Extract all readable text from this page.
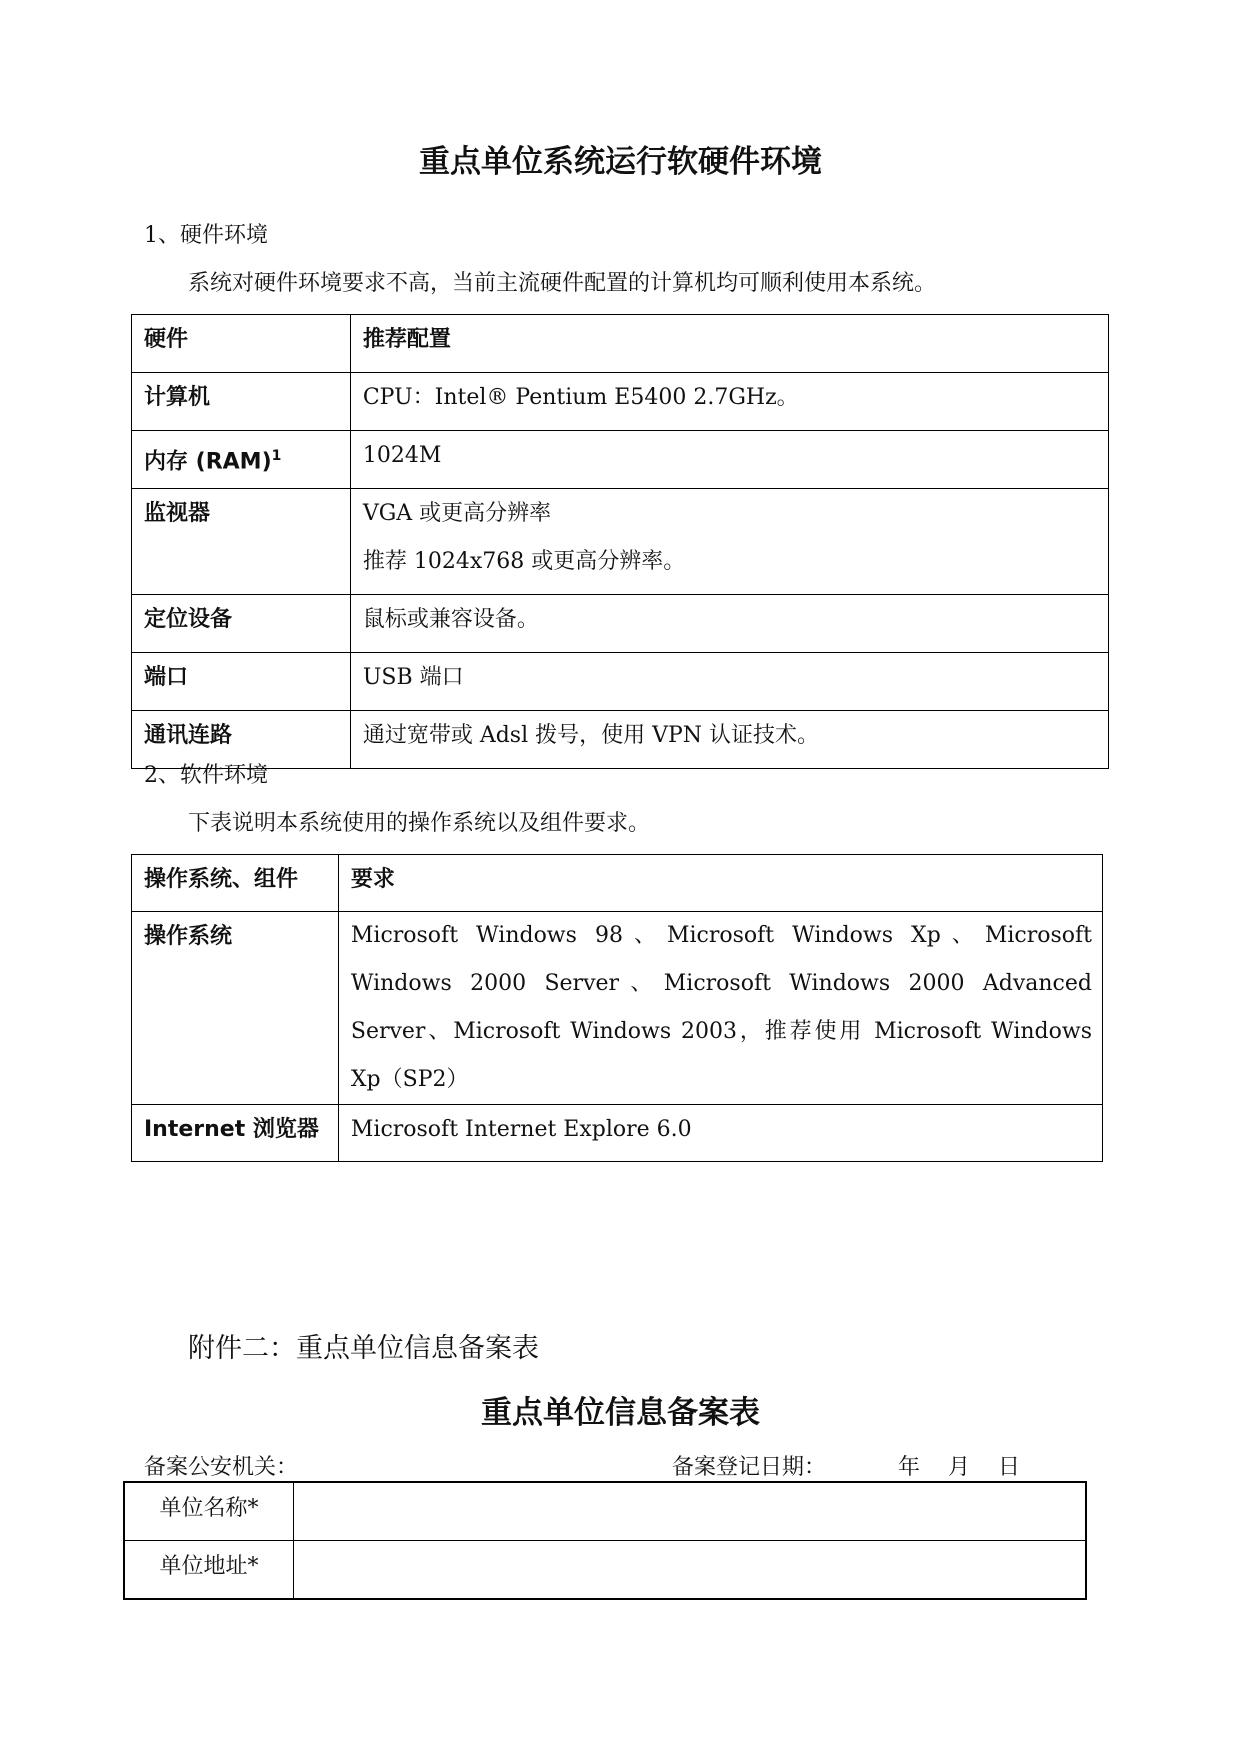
重点单位系统运行软硬件环境
1、硬件环境
系统对硬件环境要求不高，当前主流硬件配置的计算机均可顺利使用本系统。
硬件	推荐配置
计算机	CPU：Intel® Pentium E5400 2.7GHz。
内存 (RAM)$^1$	1024M
监视器	VGA 或更高分辨率
推荐 1024x768 或更高分辨率。

定位设备	鼠标或兼容设备。
端口	USB 端口
通讯连路	通过宽带或 Adsl 拨号，使用 VPN 认证技术。
2、软件环境
下表说明本系统使用的操作系统以及组件要求。
操作系统、组件	要求
操作系统	Microsoft Windows 98、Microsoft Windows Xp、Microsoft Windows 2000 Server、Microsoft Windows 2000 Advanced Server、Microsoft Windows 2003，推荐使用 Microsoft Windows Xp（SP2）
Internet 浏览器	Microsoft Internet Explore 6.0
附件二：重点单位信息备案表
重点单位信息备案表
备案公安机关：	备案登记日期：	年 月 日
单位名称*	
单位地址*	
